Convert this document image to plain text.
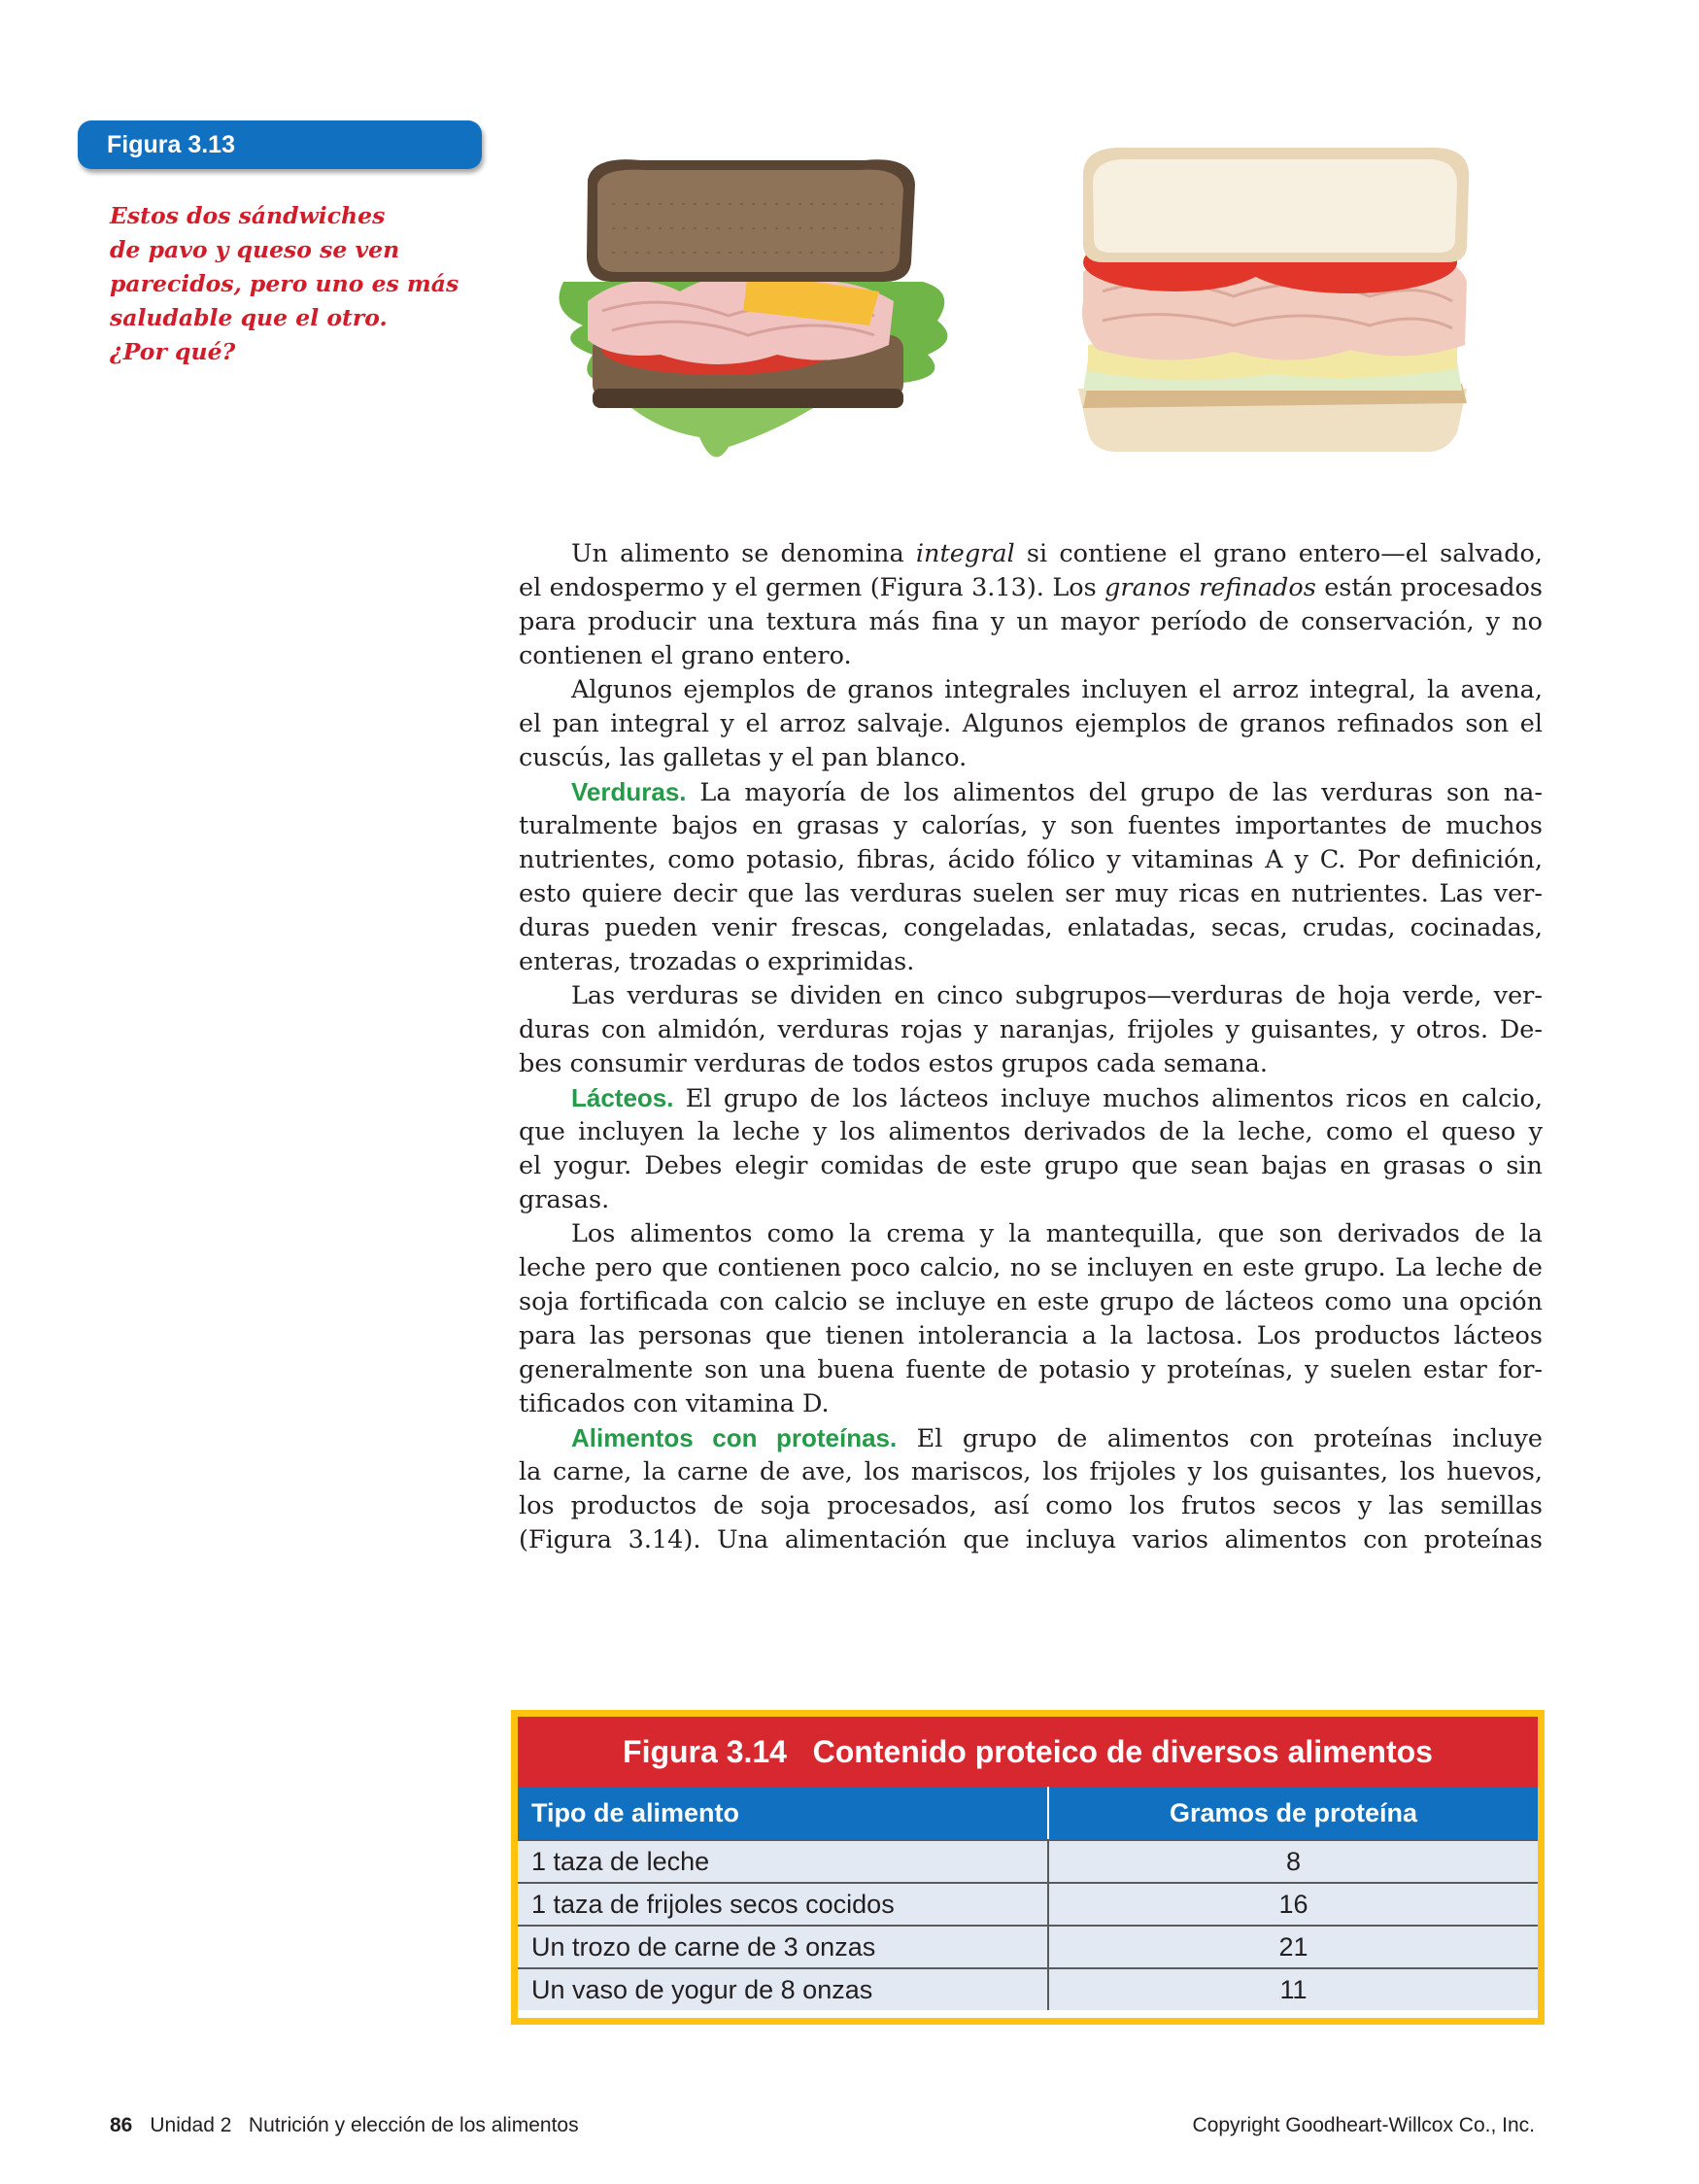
Figura 3.13
Estos dos sándwiches
de pavo y queso se ven
parecidos, pero uno es más
saludable que el otro.
¿Por qué?
Un alimento se denomina integral si contiene el grano entero—el salvado,
el endospermo y el germen (Figura 3.13). Los granos refinados están procesados
para producir una textura más fina y un mayor período de conservación, y no
contienen el grano entero.
Algunos ejemplos de granos integrales incluyen el arroz integral, la avena,
el pan integral y el arroz salvaje. Algunos ejemplos de granos refinados son el
cuscús, las galletas y el pan blanco.
Verduras. La mayoría de los alimentos del grupo de las verduras son na-
turalmente bajos en grasas y calorías, y son fuentes importantes de muchos
nutrientes, como potasio, fibras, ácido fólico y vitaminas A y C. Por definición,
esto quiere decir que las verduras suelen ser muy ricas en nutrientes. Las ver-
duras pueden venir frescas, congeladas, enlatadas, secas, crudas, cocinadas,
enteras, trozadas o exprimidas.
Las verduras se dividen en cinco subgrupos—verduras de hoja verde, ver-
duras con almidón, verduras rojas y naranjas, frijoles y guisantes, y otros. De-
bes consumir verduras de todos estos grupos cada semana.
Lácteos. El grupo de los lácteos incluye muchos alimentos ricos en calcio,
que incluyen la leche y los alimentos derivados de la leche, como el queso y
el yogur. Debes elegir comidas de este grupo que sean bajas en grasas o sin
grasas.
Los alimentos como la crema y la mantequilla, que son derivados de la
leche pero que contienen poco calcio, no se incluyen en este grupo. La leche de
soja fortificada con calcio se incluye en este grupo de lácteos como una opción
para las personas que tienen intolerancia a la lactosa. Los productos lácteos
generalmente son una buena fuente de potasio y proteínas, y suelen estar for-
tificados con vitamina D.
Alimentos con proteínas. El grupo de alimentos con proteínas incluye
la carne, la carne de ave, los mariscos, los frijoles y los guisantes, los huevos,
los productos de soja procesados, así como los frutos secos y las semillas
(Figura 3.14). Una alimentación que incluya varios alimentos con proteínas
Figura 3.14   Contenido proteico de diversos alimentos
Tipo de alimento	Gramos de proteína
1 taza de leche	8
1 taza de frijoles secos cocidos	16
Un trozo de carne de 3 onzas	21
Un vaso de yogur de 8 onzas	11
86 Unidad 2   Nutrición y elección de los alimentos	Copyright Goodheart-Willcox Co., Inc.
